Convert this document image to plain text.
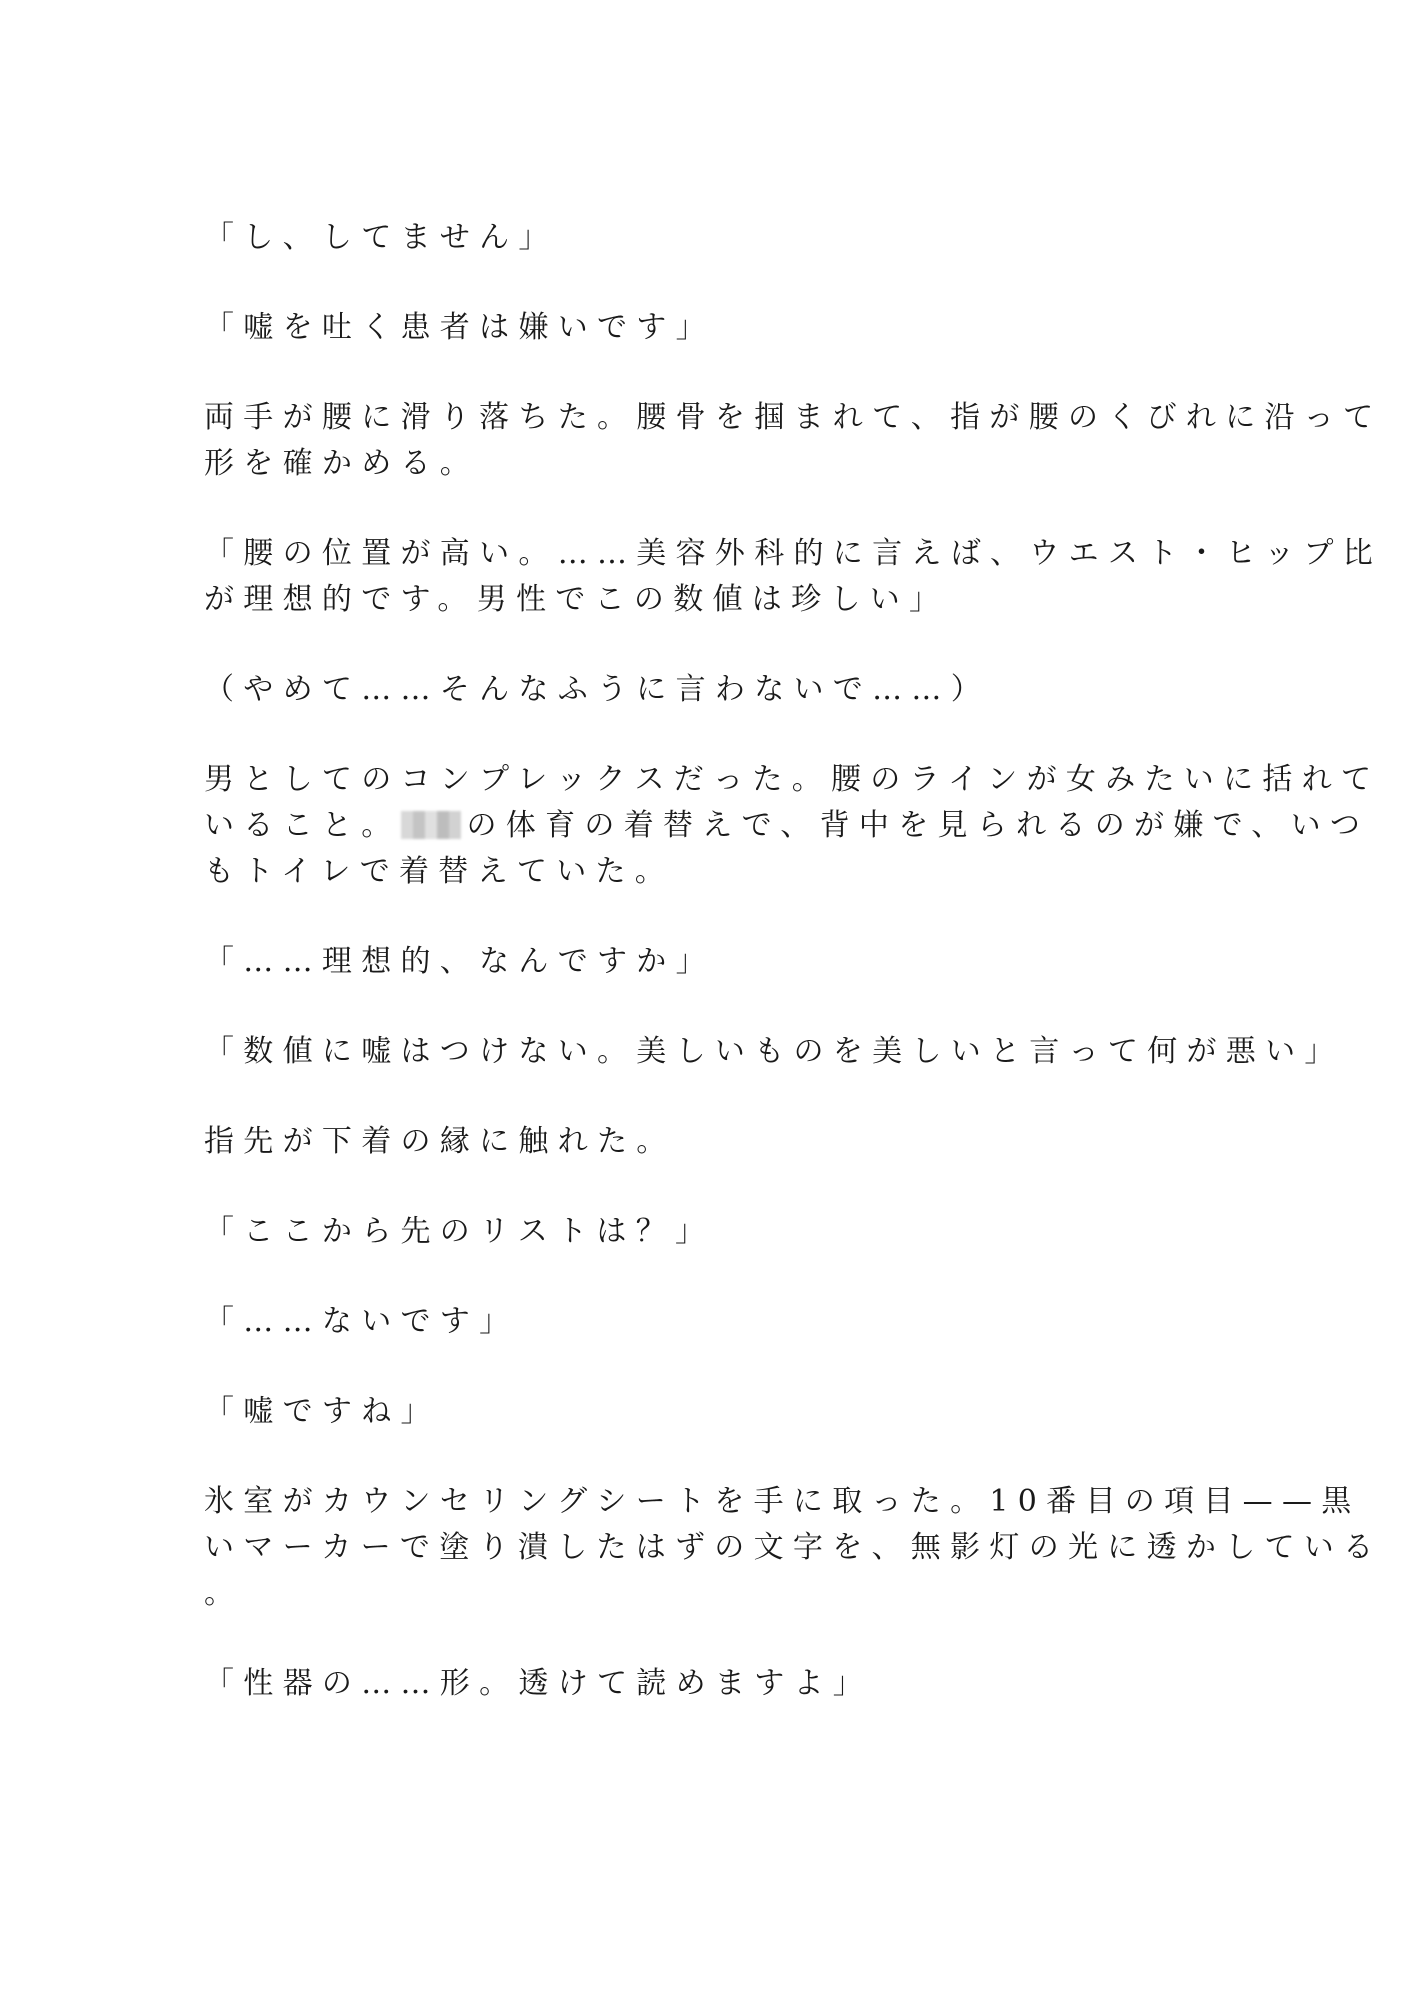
「し、してません」

「嘘を吐く患者は嫌いです」

両手が腰に滑り落ちた。腰骨を掴まれて、指が腰のくびれに沿って

形を確かめる。

「腰の位置が高い。……美容外科的に言えば、ウエスト・ヒップ比

が理想的です。男性でこの数値は珍しい」

（やめて……そんなふうに言わないで……）

男としてのコンプレックスだった。腰のラインが女みたいに括れて

いること。 の体育の着替えで、背中を見られるのが嫌で、いつ

もトイレで着替えていた。

「……理想的、なんですか」

「数値に嘘はつけない。美しいものを美しいと言って何が悪い」

指先が下着の縁に触れた。

「ここから先のリストは？」

「……ないです」

「嘘ですね」

氷室がカウンセリングシートを手に取った。10番目の項目——黒

いマーカーで塗り潰したはずの文字を、無影灯の光に透かしている

。

「性器の……形。透けて読めますよ」
